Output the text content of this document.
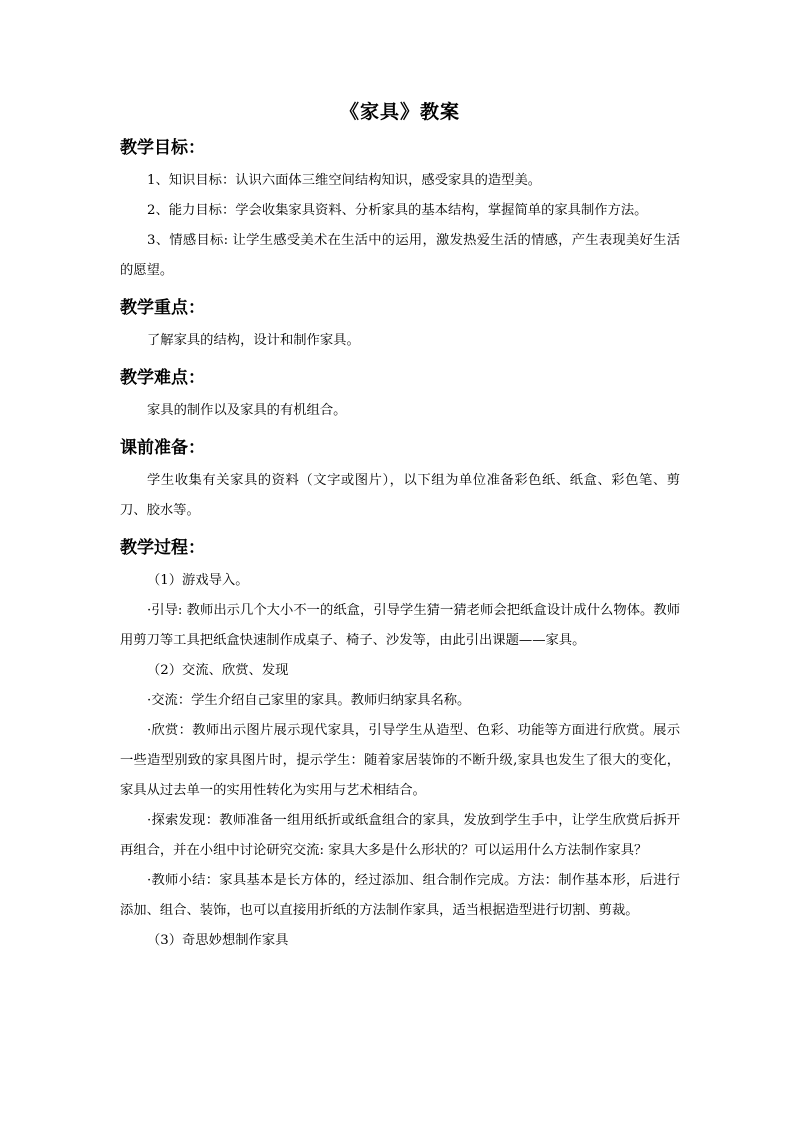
《家具》教案
教学目标：

1、知识目标：认识六面体三维空间结构知识，感受家具的造型美。

2、能力目标：学会收集家具资料、分析家具的基本结构，掌握简单的家具制作方法。

3、情感目标: 让学生感受美术在生活中的运用，激发热爱生活的情感，产生表现美好生活的愿望。

教学重点：

了解家具的结构，设计和制作家具。

教学难点：

家具的制作以及家具的有机组合。

课前准备：

学生收集有关家具的资料（文字或图片），以下组为单位准备彩色纸、纸盒、彩色笔、剪刀、胶水等。

教学过程：

（1）游戏导入。

·引导: 教师出示几个大小不一的纸盒，引导学生猜一猜老师会把纸盒设计成什么物体。教师用剪刀等工具把纸盒快速制作成桌子、椅子、沙发等，由此引出课题——家具。

（2）交流、欣赏、发现

·交流：学生介绍自己家里的家具。教师归纳家具名称。

·欣赏：教师出示图片展示现代家具，引导学生从造型、色彩、功能等方面进行欣赏。展示一些造型别致的家具图片时，提示学生：随着家居装饰的不断升级,家具也发生了很大的变化，家具从过去单一的实用性转化为实用与艺术相结合。

·探索发现：教师准备一组用纸折或纸盒组合的家具，发放到学生手中，让学生欣赏后拆开再组合，并在小组中讨论研究交流: 家具大多是什么形状的？可以运用什么方法制作家具？

·教师小结：家具基本是长方体的，经过添加、组合制作完成。方法：制作基本形，后进行添加、组合、装饰，也可以直接用折纸的方法制作家具，适当根据造型进行切割、剪裁。

（3）奇思妙想制作家具
